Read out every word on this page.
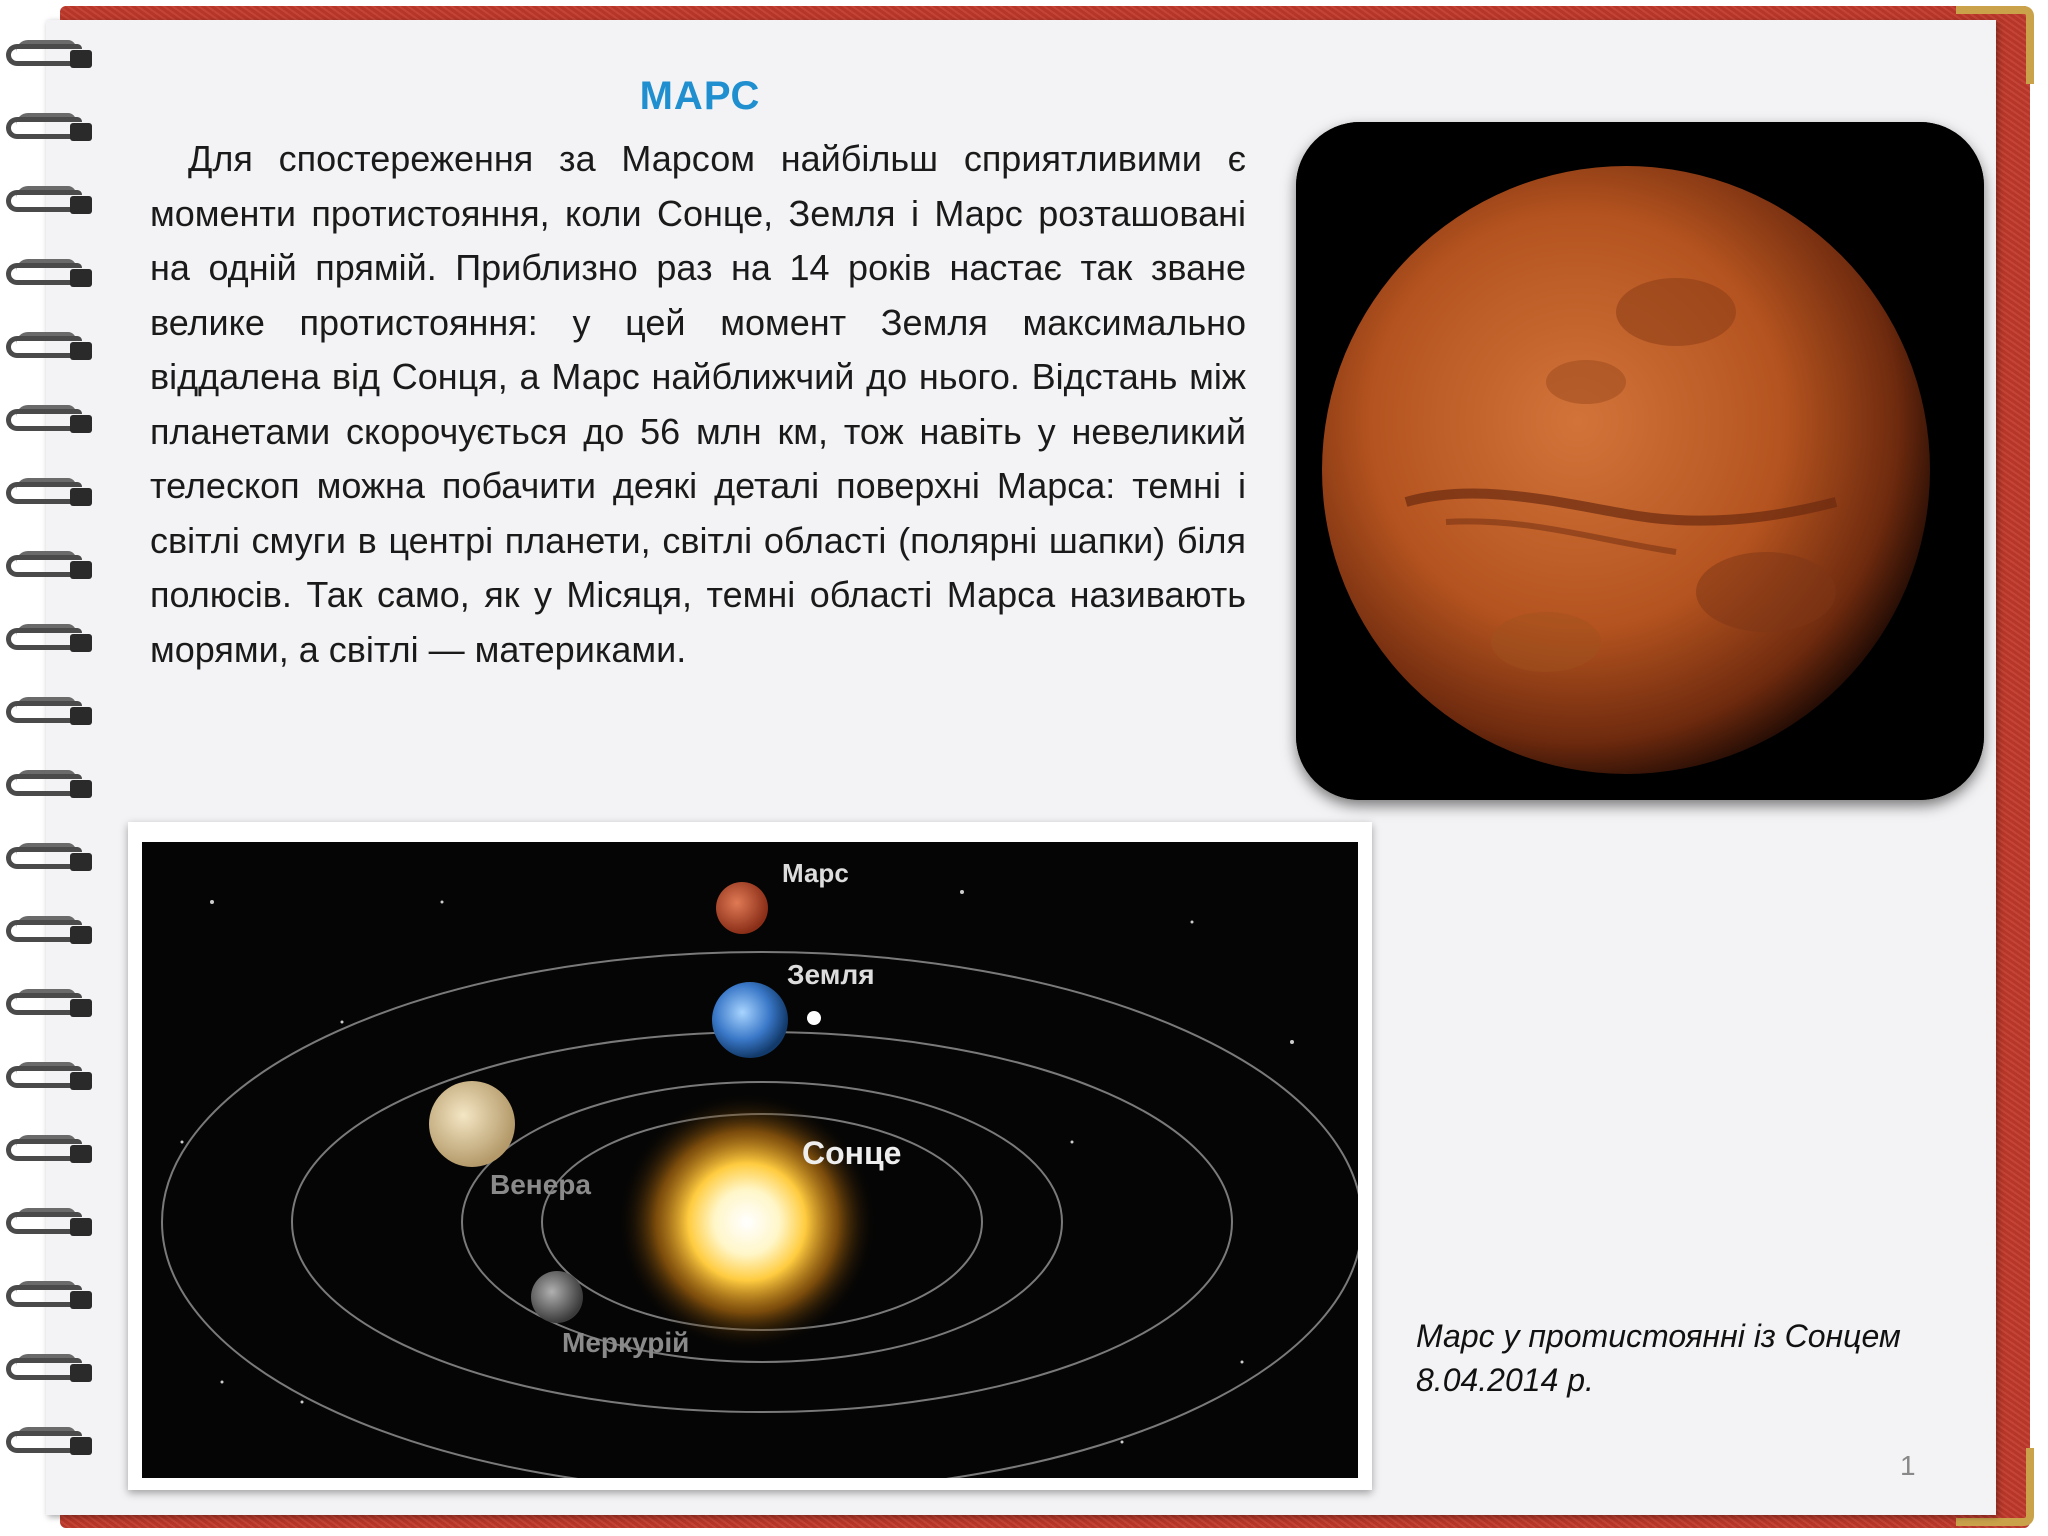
МАРС

Для спостереження за Марсом найбільш сприятливими є моменти протистояння, коли Сонце, Земля і Марс розташовані на одній прямій. Приблизно раз на 14 років настає так зване велике протистояння: у цей момент Земля максимально віддалена від Сонця, а Марс найближчий до нього. Відстань між планетами скорочується до 56 млн км, тож навіть у невеликий телескоп можна побачити деякі деталі поверхні Марса: темні і світлі смуги в центрі планети, світлі області (полярні шапки) біля полюсів. Так само, як у Місяця, темні області Марса називають морями, а світлі — материками.

Марс
Земля
Сонце
Венера
Меркурій	Марс у протистоянні із Сонцем
8.04.2014 р.
1
